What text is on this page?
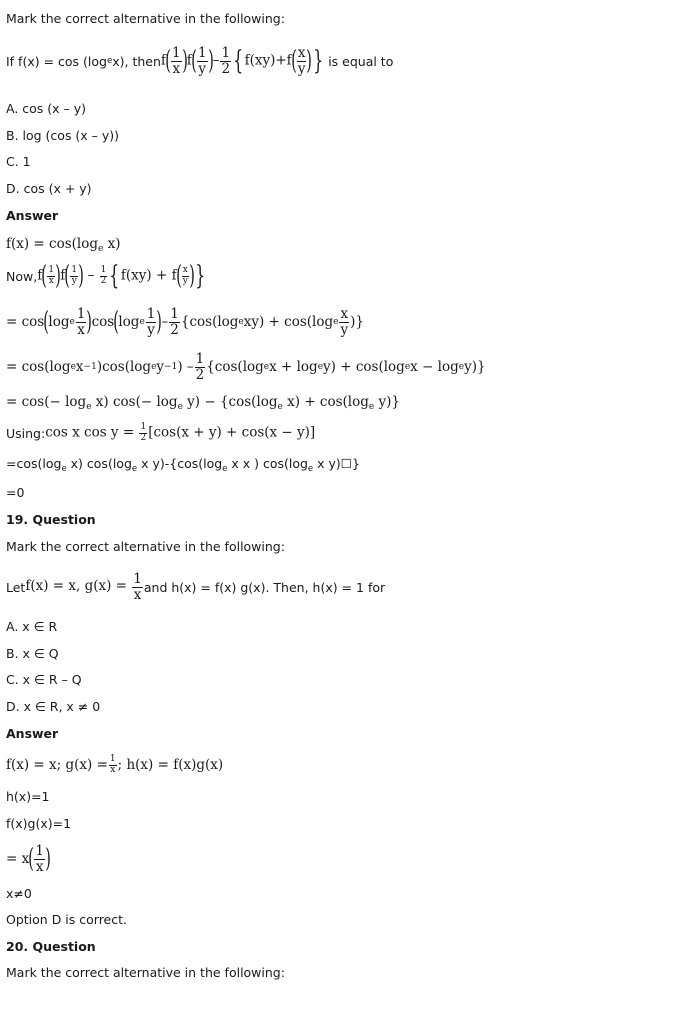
Mark the correct alternative in the following:
If f(x) = cos (log e x), then $f( \frac{1}{x} )f( \frac{1}{y}$ )– $\frac{1}{2} \{f(xy)+f( \frac{x}{y}$ )} is equal to
A. cos (x – y)
B. log (cos (x – y))
C. 1
D. cos (x + y)
Answer
$f(x) = \cos(\log_e$ x)
Now, $f( \frac{1}{x} )f( \frac{1}{y}$ ) – $\frac{1}{2} \{f(xy) + f( \frac{x}{y}$ )}
= cos ( log e $\frac{1}{x}$ ) cos ( log e $\frac{1}{y}$ ) – $\frac{1}{2} \{\cos(\log$ e xy) + cos(log e $\frac{x}{y}$ )}
= cos(log e x −1 )cos(log e y −1 ) – $\frac{1}{2} \{\cos(\log$ e x + log e y) + cos(log e x − log e y)}
= $\cos(- \log_e x)$ $\cos(- \log_e y) - \{\cos(\log_e$ $x) + \cos(\log_e$ y)}
Using: cos x $\cos y = \frac{1}{2} [\cos(x + y) + \cos(x - y)]$
$=\cos(\log_e$ x) $\cos(\log_e$ x $y)-\{\cos(\log_e$ x x ) $\cos(\log_e$ x y)☐}
=0
19. Question
Mark the correct alternative in the following:
Let f(x) = x, $g(x) = \frac{1}{x}$ and h(x) = f(x) g(x). Then, h(x) = 1 for
A. x ∈ R
B. x ∈ Q
C. x ∈ R – Q
D. x ∈ R, x ≠ 0
Answer
f(x) = x; $g(x) = \frac{1}{x}$ ; h(x) = f(x)g(x)
h(x)=1
f(x)g(x)=1
= x ( $\frac{1}{x}$ )
x≠0
Option D is correct.
20. Question
Mark the correct alternative in the following:
